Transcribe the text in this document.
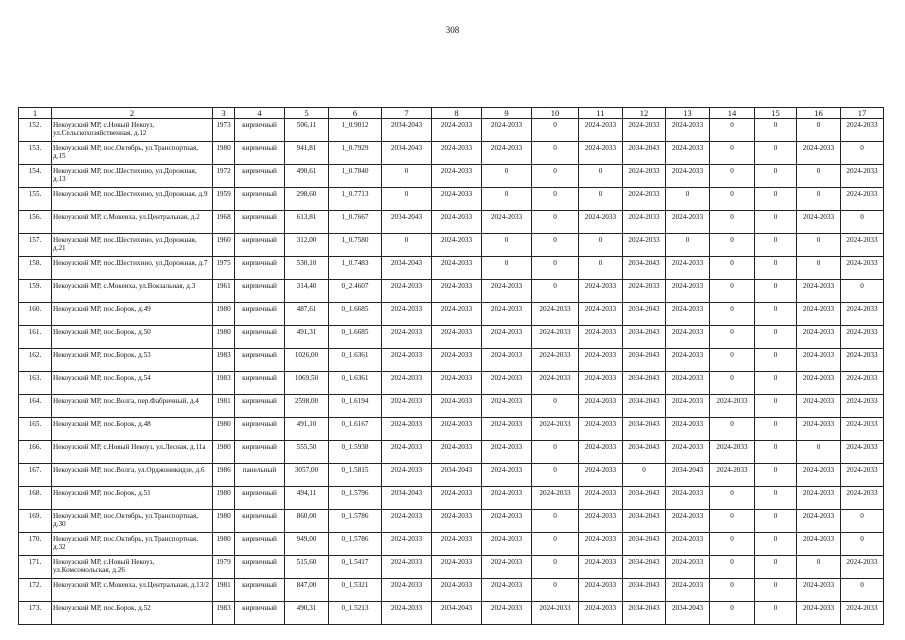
308
1	2	3	4	5	6	7	8	9	10	11	12	13	14	15	16	17
152.	Некоузский МР, с.Новый Некоуз, ул.Сельскохозяйственная, д.12	1973	кирпичный	506,11	1_0.9012	2034-2043	2024-2033	2024-2033	0	2024-2033	2024-2033	2024-2033	0	0	0	2024-2033
153.	Некоузский МР, пос.Октябрь, ул.Транспортная, д.15	1980	кирпичный	941,81	1_0.7929	2034-2043	2024-2033	2024-2033	0	2024-2033	2034-2043	2024-2033	0	0	2024-2033	0
154.	Некоузский МР, пос.Шестихино, ул.Дорожная, д.13	1972	кирпичный	490,61	1_0.7840	0	2024-2033	0	0	0	2024-2033	2024-2033	0	0	0	2024-2033
155.	Некоузский МР, пос.Шестихино, ул.Дорожная, д.9	1959	кирпичный	298,60	1_0.7713	0	2024-2033	0	0	0	2024-2033	0	0	0	0	2024-2033
156.	Некоузский МР, с.Мокеиха, ул.Центральная, д.2	1968	кирпичный	613,81	1_0.7667	2034-2043	2024-2033	2024-2033	0	2024-2033	2024-2033	2024-2033	0	0	2024-2033	0
157.	Некоузский МР, пос.Шестихино, ул.Дорожная, д.21	1960	кирпичный	312,00	1_0.7580	0	2024-2033	0	0	0	2024-2033	0	0	0	0	2024-2033
158.	Некоузский МР, пос.Шестихино, ул.Дорожная, д.7	1975	кирпичный	530,10	1_0.7483	2034-2043	2024-2033	0	0	0	2034-2043	2024-2033	0	0	0	2024-2033
159.	Некоузский МР, с.Мокеиха, ул.Вокзальная, д.3	1961	кирпичный	314,40	0_2.4607	2024-2033	2024-2033	2024-2033	0	2024-2033	2024-2033	2024-2033	0	0	2024-2033	0
160.	Некоузский МР, пос.Борок, д.49	1980	кирпичный	487,61	0_1.6685	2024-2033	2024-2033	2024-2033	2024-2033	2024-2033	2034-2043	2024-2033	0	0	2024-2033	2024-2033
161.	Некоузский МР, пос.Борок, д.50	1980	кирпичный	491,31	0_1.6685	2024-2033	2024-2033	2024-2033	2024-2033	2024-2033	2034-2043	2024-2033	0	0	2024-2033	2024-2033
162.	Некоузский МР, пос.Борок, д.53	1983	кирпичный	1026,00	0_1.6361	2024-2033	2024-2033	2024-2033	2024-2033	2024-2033	2034-2043	2024-2033	0	0	2024-2033	2024-2033
163.	Некоузский МР, пос.Борок, д.54	1983	кирпичный	1069,50	0_1.6361	2024-2033	2024-2033	2024-2033	2024-2033	2024-2033	2034-2043	2024-2033	0	0	2024-2033	2024-2033
164.	Некоузский МР, пос.Волга, пер.Фабричный, д.4	1981	кирпичный	2598,00	0_1.6194	2024-2033	2024-2033	2024-2033	0	2024-2033	2034-2043	2024-2033	2024-2033	0	2024-2033	2024-2033
165.	Некоузский МР, пос.Борок, д.48	1980	кирпичный	491,10	0_1.6167	2024-2033	2024-2033	2024-2033	2024-2033	2024-2033	2034-2043	2024-2033	0	0	2024-2033	2024-2033
166.	Некоузский МР, с.Новый Некоуз, ул.Лесная, д.11а	1980	кирпичный	555,50	0_1.5938	2024-2033	2024-2033	2024-2033	0	2024-2033	2034-2043	2024-2033	2024-2033	0	0	2024-2033
167.	Некоузский МР, пос.Волга, ул.Орджоникидзе, д.6	1986	панельный	3057,00	0_1.5815	2024-2033	2034-2043	2024-2033	0	2024-2033	0	2034-2043	2024-2033	0	2024-2033	2024-2033
168.	Некоузский МР, пос.Борок, д.51	1980	кирпичный	494,11	0_1.5796	2034-2043	2024-2033	2024-2033	2024-2033	2024-2033	2034-2043	2024-2033	0	0	2024-2033	2024-2033
169.	Некоузский МР, пос.Октябрь, ул.Транспортная, д.30	1980	кирпичный	860,00	0_1.5786	2024-2033	2024-2033	2024-2033	0	2024-2033	2034-2043	2024-2033	0	0	2024-2033	0
170.	Некоузский МР, пос.Октябрь, ул.Транспортная, д.32	1980	кирпичный	949,00	0_1.5786	2024-2033	2024-2033	2024-2033	0	2024-2033	2034-2043	2024-2033	0	0	2024-2033	0
171.	Некоузский МР, с.Новый Некоуз, ул.Комсомольская, д.26	1979	кирпичный	515,60	0_1.5417	2024-2033	2024-2033	2024-2033	0	2024-2033	2034-2043	2024-2033	0	0	0	2024-2033
172.	Некоузский МР, с.Мокеиха, ул.Центральная, д.13/2	1981	кирпичный	847,00	0_1.5321	2024-2033	2024-2033	2024-2033	0	2024-2033	2034-2043	2024-2033	0	0	2024-2033	0
173.	Некоузский МР, пос.Борок, д.52	1983	кирпичный	490,31	0_1.5213	2024-2033	2034-2043	2024-2033	2024-2033	2024-2033	2034-2043	2034-2043	0	0	2024-2033	2024-2033
